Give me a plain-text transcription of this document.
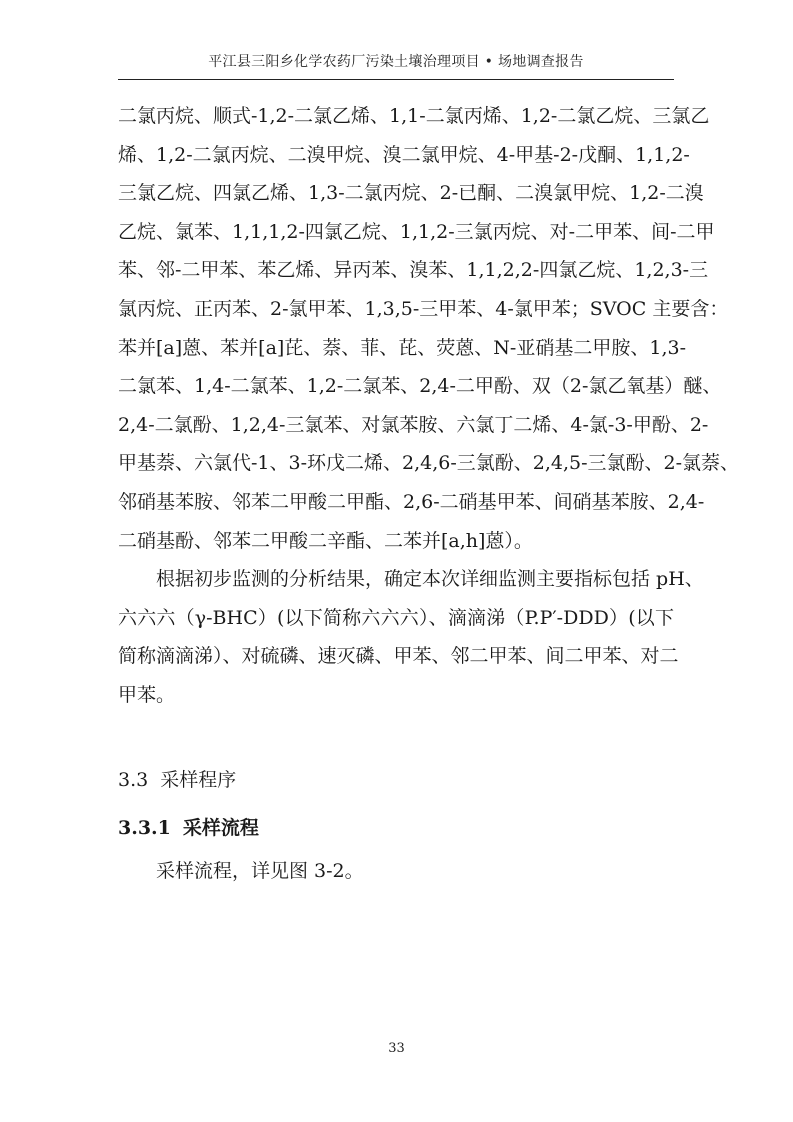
平江县三阳乡化学农药厂污染土壤治理项目 • 场地调查报告
二氯丙烷、顺式-1,2-二氯乙烯、1,1-二氯丙烯、1,2-二氯乙烷、三氯乙
烯、1,2-二氯丙烷、二溴甲烷、溴二氯甲烷、4-甲基-2-戊酮、1,1,2-
三氯乙烷、四氯乙烯、1,3-二氯丙烷、2-已酮、二溴氯甲烷、1,2-二溴
乙烷、氯苯、1,1,1,2-四氯乙烷、1,1,2-三氯丙烷、对-二甲苯、间-二甲
苯、邻-二甲苯、苯乙烯、异丙苯、溴苯、1,1,2,2-四氯乙烷、1,2,3-三
氯丙烷、正丙苯、2-氯甲苯、1,3,5-三甲苯、4-氯甲苯；SVOC 主要含：
苯并[a]蒽、苯并[a]芘、萘、菲、芘、荧蒽、N-亚硝基二甲胺、1,3-
二氯苯、1,4-二氯苯、1,2-二氯苯、2,4-二甲酚、双（2-氯乙氧基）醚、
2,4-二氯酚、1,2,4-三氯苯、对氯苯胺、六氯丁二烯、4-氯-3-甲酚、2-
甲基萘、六氯代-1、3-环戊二烯、2,4,6-三氯酚、2,4,5-三氯酚、2-氯萘、
邻硝基苯胺、邻苯二甲酸二甲酯、2,6-二硝基甲苯、间硝基苯胺、2,4-
二硝基酚、邻苯二甲酸二辛酯、二苯并[a,h]蒽）。
根据初步监测的分析结果，确定本次详细监测主要指标包括 pH、
六六六（γ-BHC）(以下简称六六六）、滴滴涕（P.P′-DDD）(以下
简称滴滴涕）、对硫磷、速灭磷、甲苯、邻二甲苯、间二甲苯、对二
甲苯。
3.3 采样程序
3.3.1 采样流程
采样流程，详见图 3-2。
33
